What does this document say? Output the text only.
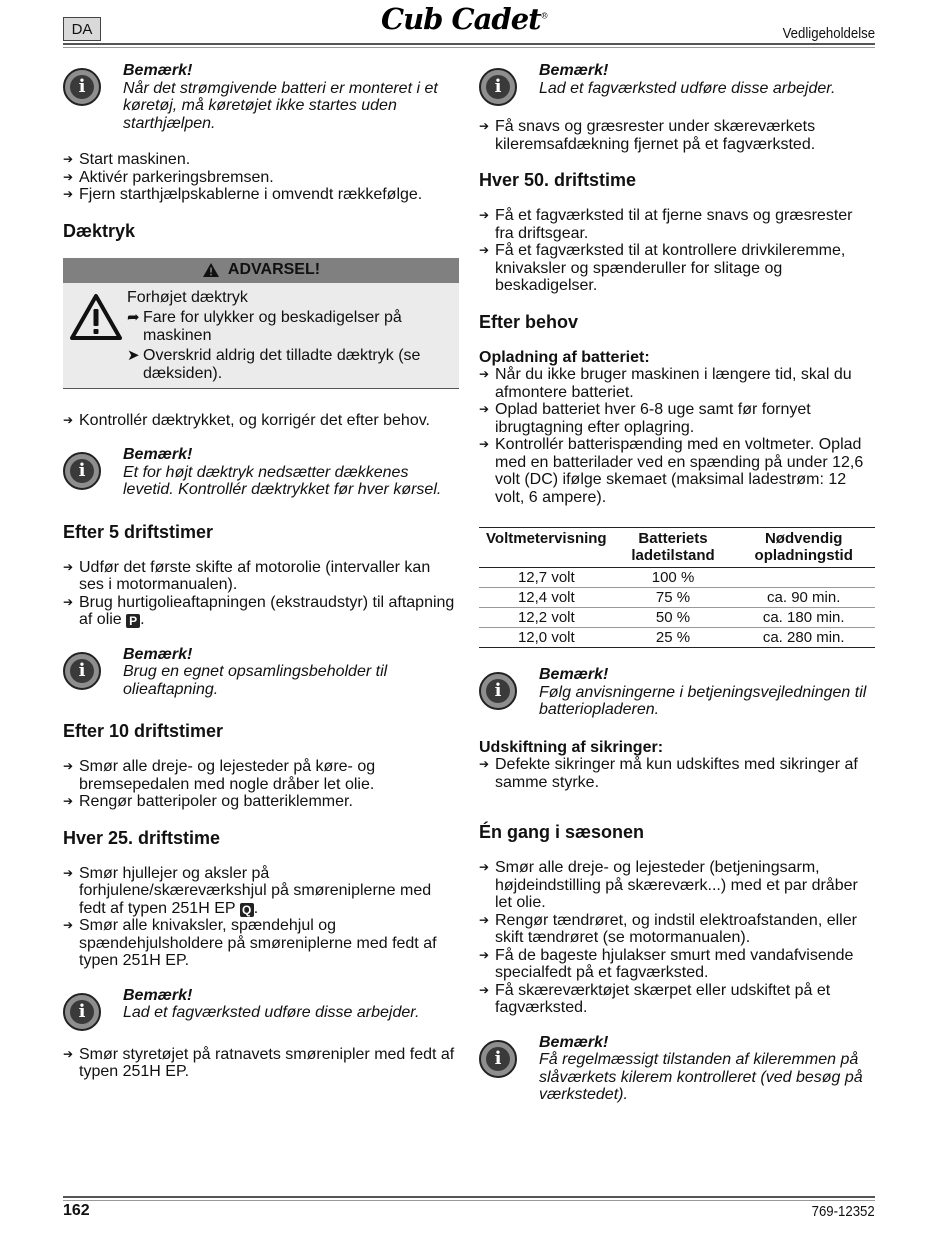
DA	Cub Cadet®
Vedligeholdelse
i
Bemærk!
Når det strømgivende batteri er monteret i et køretøj, må køretøjet ikke startes uden starthjælpen.
➔ Start maskinen.
➔ Aktivér parkeringsbremsen.
➔ Fjern starthjælpskablerne i omvendt rækkefølge.
Dæktryk
ADVARSEL!
Forhøjet dæktryk
➦ Fare for ulykker og beskadigelser på maskinen
➤ Overskrid aldrig det tilladte dæktryk (se dæksiden).
➔ Kontrollér dæktrykket, og korrigér det efter behov.
i
Bemærk!
Et for højt dæktryk nedsætter dækkenes levetid. Kontrollér dæktrykket før hver kørsel.
Efter 5 driftstimer
➔ Udfør det første skifte af motorolie (intervaller kan ses i motormanualen).
➔ Brug hurtigolieaftapningen (ekstraudstyr) til aftapning af olie P .
i
Bemærk!
Brug en egnet opsamlingsbeholder til olieaftapning.
Efter 10 driftstimer
➔ Smør alle dreje- og lejesteder på køre- og bremsepedalen med nogle dråber let olie.
➔ Rengør batteripoler og batteriklemmer.
Hver 25. driftstime
➔ Smør hjullejer og aksler på forhjulene/skæreværkshjul på smøreniplerne med fedt af typen 251H EP Q .
➔ Smør alle knivaksler, spændehjul og spændehjulsholdere på smøreniplerne med fedt af typen 251H EP.
i
Bemærk!
Lad et fagværksted udføre disse arbejder.
➔ Smør styretøjet på ratnavets smørenipler med fedt af typen 251H EP.
i
Bemærk!
Lad et fagværksted udføre disse arbejder.
➔ Få snavs og græsrester under skæreværkets kileremsafdækning fjernet på et fagværksted.
Hver 50. driftstime
➔ Få et fagværksted til at fjerne snavs og græsrester fra driftsgear.
➔ Få et fagværksted til at kontrollere drivkileremme, knivaksler og spænderuller for slitage og beskadigelser.
Efter behov
Opladning af batteriet:
➔ Når du ikke bruger maskinen i længere tid, skal du afmontere batteriet.
➔ Oplad batteriet hver 6-8 uge samt før fornyet ibrugtagning efter oplagring.
➔ Kontrollér batterispænding med en voltmeter. Oplad med en batterilader ved en spænding på under 12,6 volt (DC) ifølge skemaet (maksimal ladestrøm: 12 volt, 6 ampere).
Voltmetervisning	Batteriets ladetilstand	Nødvendig opladningstid
12,7 volt	100 %	
12,4 volt	75 %	ca. 90 min.
12,2 volt	50 %	ca. 180 min.
12,0 volt	25 %	ca. 280 min.
i
Bemærk!
Følg anvisningerne i betjeningsvejledningen til batteriopladeren.
Udskiftning af sikringer:
➔ Defekte sikringer må kun udskiftes med sikringer af samme styrke.
Én gang i sæsonen
➔ Smør alle dreje- og lejesteder (betjeningsarm, højdeindstilling på skæreværk...) med et par dråber let olie.
➔ Rengør tændrøret, og indstil elektroafstanden, eller skift tændrøret (se motormanualen).
➔ Få de bageste hjulakser smurt med vandafvisende specialfedt på et fagværksted.
➔ Få skæreværktøjet skærpet eller udskiftet på et fagværksted.
i
Bemærk!
Få regelmæssigt tilstanden af kileremmen på slåværkets kilerem kontrolleret (ved besøg på værkstedet).
162	769-12352
